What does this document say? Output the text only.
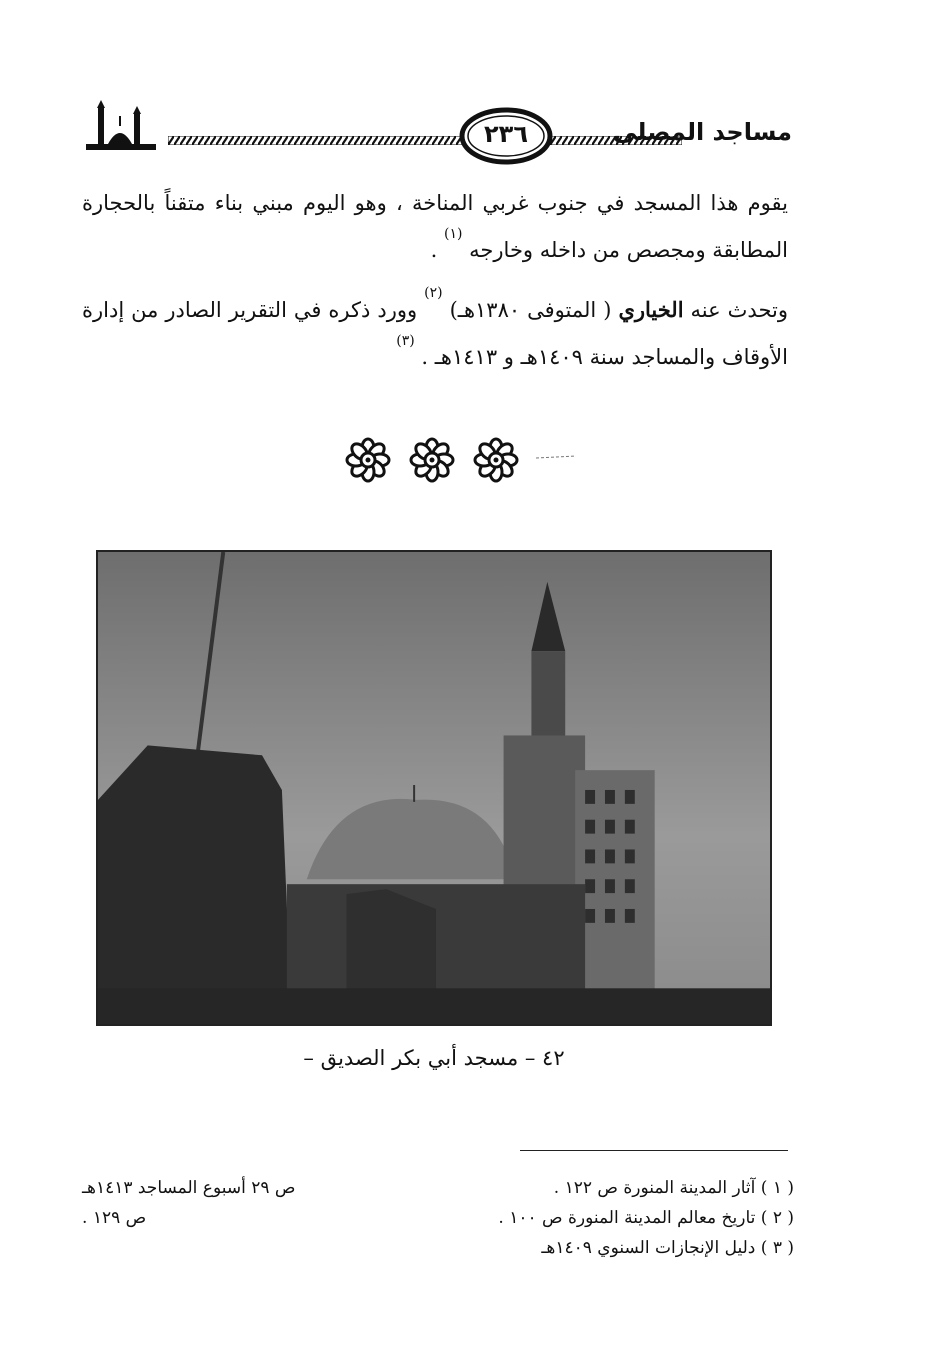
٢٣٦	مساجد المصلى
يقوم هذا المسجد في جنوب غربي المناخة ، وهو اليوم مبني بناء متقناً بالحجارة المطابقة ومجصص من داخله وخارجه $^{(١)}$ .
وتحدث عنه الخياري ( المتوفى ١٣٨٠هـ) $^{(٢)}$ وورد ذكره في التقرير الصادر من إدارة الأوقاف والمساجد سنة ١٤٠٩هـ و ١٤١٣هـ . $^{(٣)}$
٤٢ – مسجد أبي بكر الصديق –
( ١ ) آثار المدينة المنورة ص ١٢٢ .
ص ٢٩ أسبوع المساجد ١٤١٣هـ
( ٢ ) تاريخ معالم المدينة المنورة ص ١٠٠ .
ص ١٢٩ .
( ٣ ) دليل الإنجازات السنوي ١٤٠٩هـ
